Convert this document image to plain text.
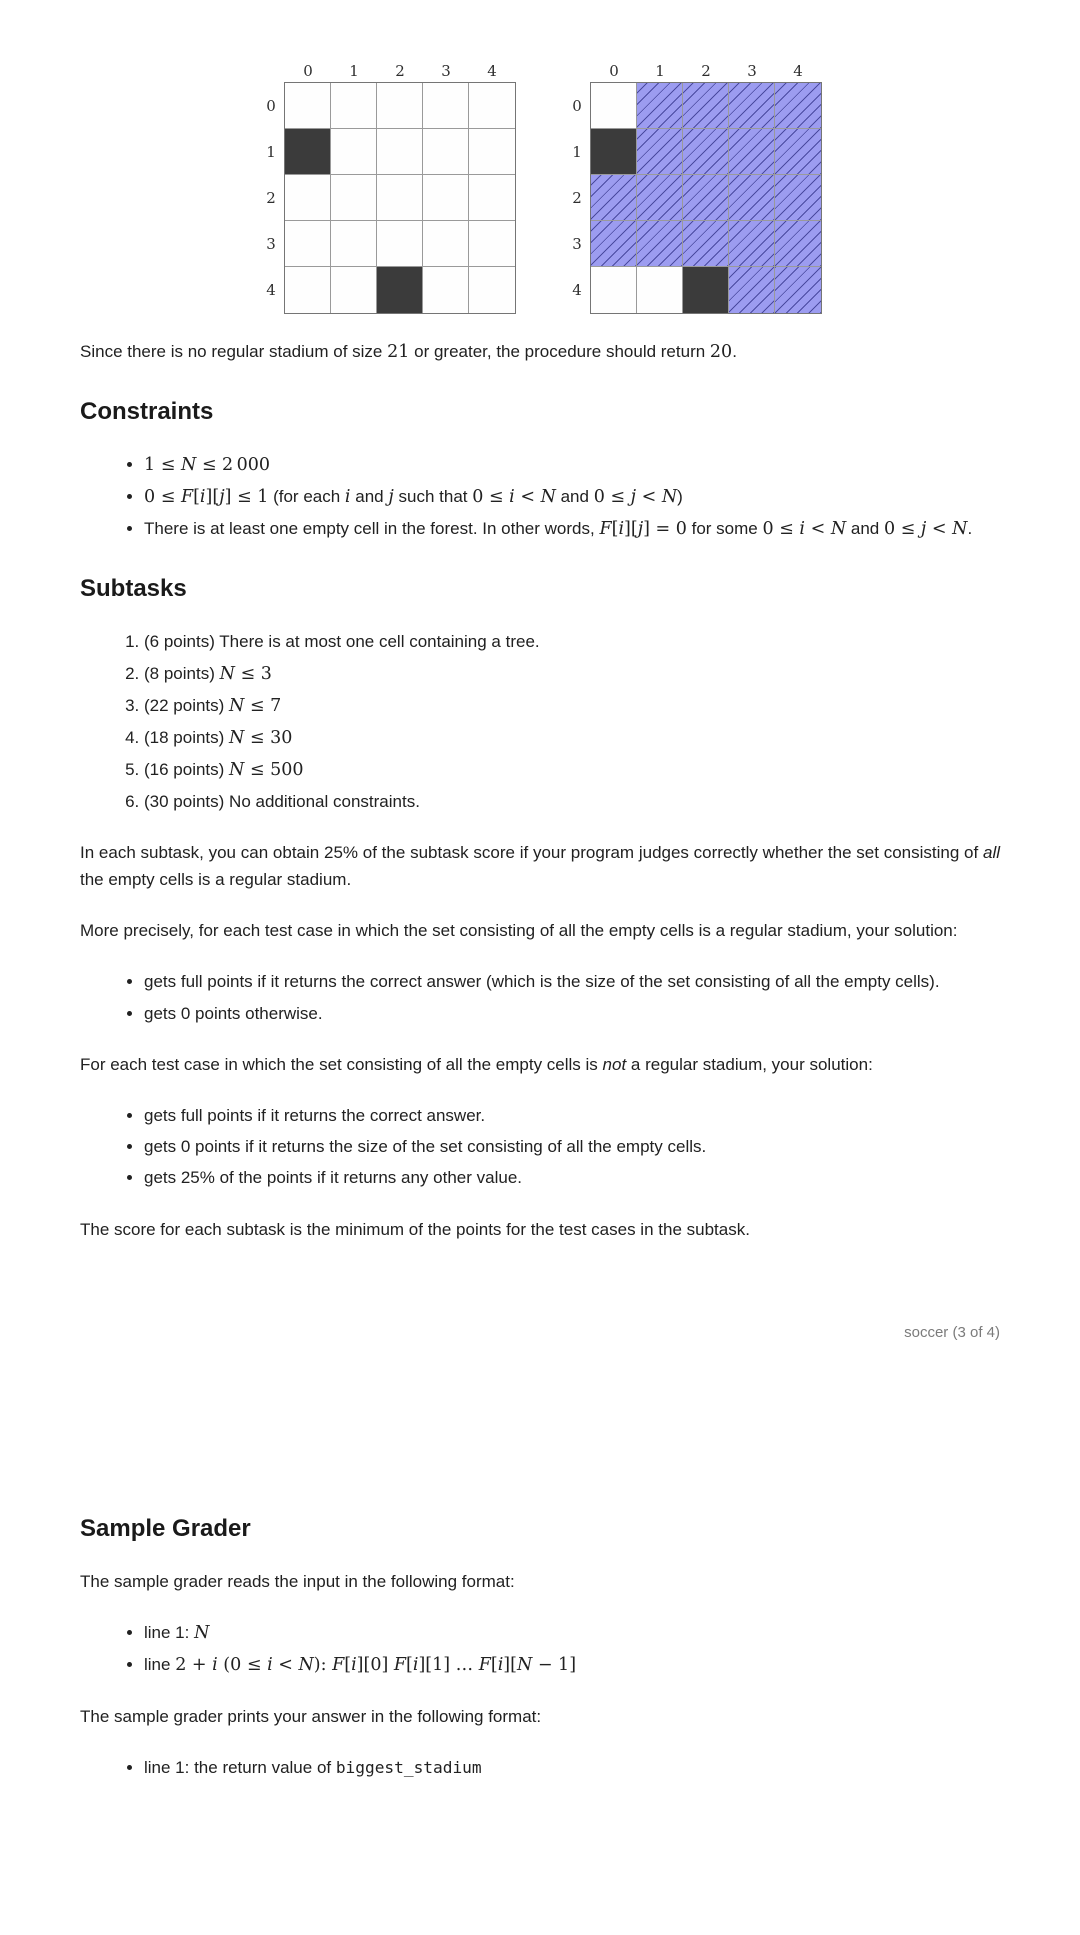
0	1	2	3	4
0
1
2
3
4
0	1	2	3	4
0
1
2
3
4

Since there is no regular stadium of size 21 or greater, the procedure should return 20.

Constraints
• 1 ≤ N ≤ 2 000
• 0 ≤ F[i][j] ≤ 1 (for each i and j such that 0 ≤ i < N and 0 ≤ j < N)
• There is at least one empty cell in the forest. In other words, F[i][j] = 0 for some 0 ≤ i < N and 0 ≤ j < N.
Subtasks
1. (6 points) There is at most one cell containing a tree.
2. (8 points) N ≤ 3
3. (22 points) N ≤ 7
4. (18 points) N ≤ 30
5. (16 points) N ≤ 500
6. (30 points) No additional constraints.

In each subtask, you can obtain 25% of the subtask score if your program judges correctly whether the set consisting of all the empty cells is a regular stadium.

More precisely, for each test case in which the set consisting of all the empty cells is a regular stadium, your solution:

• gets full points if it returns the correct answer (which is the size of the set consisting of all the empty cells).
• gets 0 points otherwise.

For each test case in which the set consisting of all the empty cells is not a regular stadium, your solution:

• gets full points if it returns the correct answer.
• gets 0 points if it returns the size of the set consisting of all the empty cells.
• gets 25% of the points if it returns any other value.

The score for each subtask is the minimum of the points for the test cases in the subtask.

soccer (3 of 4)
Sample Grader

The sample grader reads the input in the following format:

• line 1: N
• line 2 + i (0 ≤ i < N): F[i][0] F[i][1] … F[i][N − 1]

The sample grader prints your answer in the following format:

• line 1: the return value of biggest_stadium
